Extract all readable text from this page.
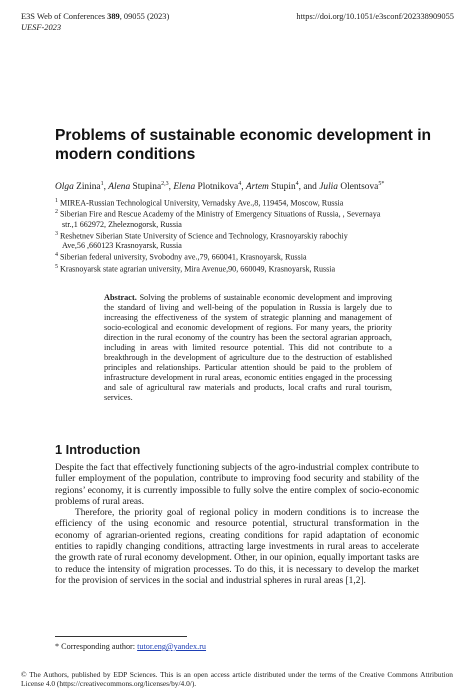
E3S Web of Conferences 389, 09055 (2023)
UESF-2023
https://doi.org/10.1051/e3sconf/202338909055
Problems of sustainable economic development in modern conditions
Olga Zinina$^1$, Alena Stupina$^{2,3}$, Elena Plotnikova$^4$, Artem Stupin$^4$, and Julia Olentsova$^{5*}$
$^1$ MIREA-Russian Technological University, Vernadsky Ave.,8, 119454, Moscow, Russia
$^2$ Siberian Fire and Rescue Academy of the Ministry of Emergency Situations of Russia, , Severnaya
str.,1 662972, Zheleznogorsk, Russia
$^3$ Reshetnev Siberian State University of Science and Technology, Krasnoyarskiy rabochiy
Ave,56 ,660123 Krasnoyarsk, Russia
$^4$ Siberian federal university, Svobodny ave.,79, 660041, Krasnoyarsk, Russia
$^5$ Krasnoyarsk state agrarian university, Mira Avenue,90, 660049, Krasnoyarsk, Russia
Abstract. Solving the problems of sustainable economic development and improving the standard of living and well-being of the population in Russia is largely due to increasing the effectiveness of the system of strategic planning and management of socio-ecological and economic development of regions. For many years, the priority direction in the rural economy of the country has been the sectoral agrarian approach, including in areas with limited resource potential. This did not contribute to a breakthrough in the development of agriculture due to the destruction of established principles and relationships. Particular attention should be paid to the problem of infrastructure development in rural areas, economic entities engaged in the processing and sale of agricultural raw materials and products, local crafts and rural tourism, services.
1 Introduction

Despite the fact that effectively functioning subjects of the agro-industrial complex contribute to fuller employment of the population, contribute to improving food security and stability of the regions’ economy, it is currently impossible to fully solve the entire complex of socio-economic problems of rural areas.

Therefore, the priority goal of regional policy in modern conditions is to increase the efficiency of the using economic and resource potential, structural transformation in the economy of agrarian-oriented regions, creating conditions for rapid adaptation of economic entities to rapidly changing conditions, attracting large investments in rural areas to accelerate the growth rate of rural economy development. Other, in our opinion, equally important tasks are to reduce the intensity of migration processes. To do this, it is necessary to develop the market for the provision of services in the social and industrial spheres in rural areas [1,2].

* Corresponding author: tutor.eng@yandex.ru
© The Authors, published by EDP Sciences. This is an open access article distributed under the terms of the Creative Commons Attribution License 4.0 (https://creativecommons.org/licenses/by/4.0/).
